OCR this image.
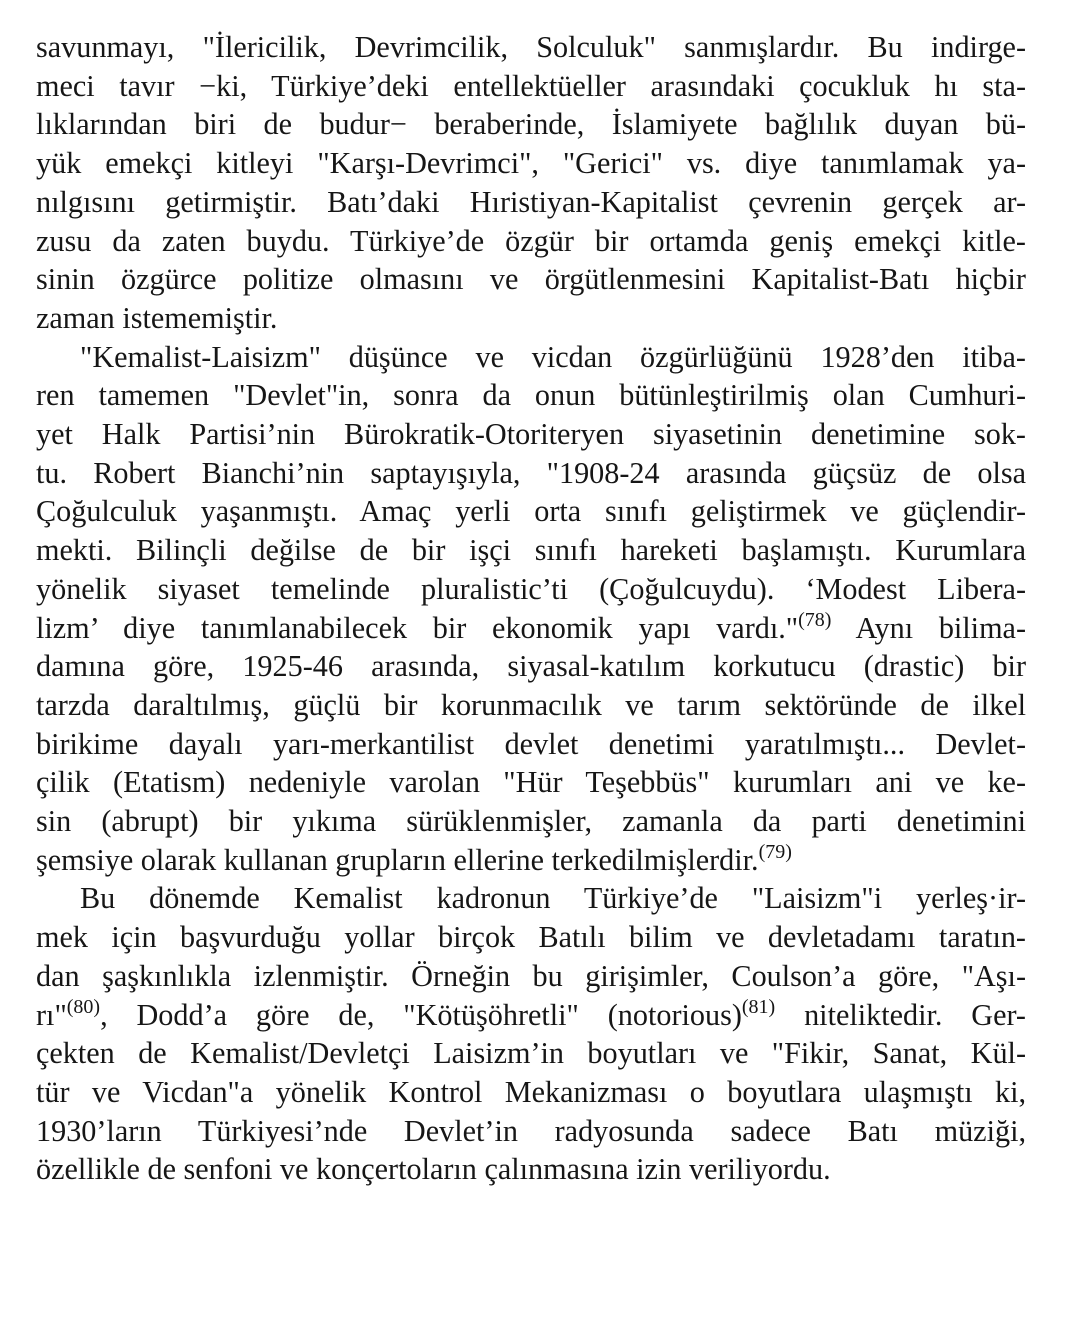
savunmayı, "İlericilik, Devrimcilik, Solculuk" sanmışlardır. Bu indirge-
meci tavır −ki, Türkiye’deki entellektüeller arasındaki çocukluk hı sta-
lıklarından biri de budur− beraberinde, İslamiyete bağlılık duyan bü-
yük emekçi kitleyi "Karşı-Devrimci", "Gerici" vs. diye tanımlamak ya-
nılgısını getirmiştir. Batı’daki Hıristiyan-Kapitalist çevrenin gerçek ar-
zusu da zaten buydu. Türkiye’de özgür bir ortamda geniş emekçi kitle-
sinin özgürce politize olmasını ve örgütlenmesini Kapitalist-Batı hiçbir
zaman istememiştir.
"Kemalist-Laisizm" düşünce ve vicdan özgürlüğünü 1928’den itiba-
ren tamemen "Devlet"in, sonra da onun bütünleştirilmiş olan Cumhuri-
yet Halk Partisi’nin Bürokratik-Otoriteryen siyasetinin denetimine sok-
tu. Robert Bianchi’nin saptayışıyla, "1908-24 arasında güçsüz de olsa
Çoğulculuk yaşanmıştı. Amaç yerli orta sınıfı geliştirmek ve güçlendir-
mekti. Bilinçli değilse de bir işçi sınıfı hareketi başlamıştı. Kurumlara
yönelik siyaset temelinde pluralistic’ti (Çoğulcuydu). ‘Modest Libera-
lizm’ diye tanımlanabilecek bir ekonomik yapı vardı."$^{(78)}$ Aynı bilima-
damına göre, 1925-46 arasında, siyasal-katılım korkutucu (drastic) bir
tarzda daraltılmış, güçlü bir korunmacılık ve tarım sektöründe de ilkel
birikime dayalı yarı-merkantilist devlet denetimi yaratılmıştı... Devlet-
çilik (Etatism) nedeniyle varolan "Hür Teşebbüs" kurumları ani ve ke-
sin (abrupt) bir yıkıma sürüklenmişler, zamanla da parti denetimini
şemsiye olarak kullanan grupların ellerine terkedilmişlerdir.$^{(79)}$
Bu dönemde Kemalist kadronun Türkiye’de "Laisizm"i yerleş·ir-
mek için başvurduğu yollar birçok Batılı bilim ve devletadamı taratın-
dan şaşkınlıkla izlenmiştir. Örneğin bu girişimler, Coulson’a göre, "Aşı-
rı"$^{(80)}$, Dodd’a göre de, "Kötüşöhretli" (notorious)$^{(81)}$ niteliktedir. Ger-
çekten de Kemalist/Devletçi Laisizm’in boyutları ve "Fikir, Sanat, Kül-
tür ve Vicdan"a yönelik Kontrol Mekanizması o boyutlara ulaşmıştı ki,
1930’ların Türkiyesi’nde Devlet’in radyosunda sadece Batı müziği,
özellikle de senfoni ve konçertoların çalınmasına izin veriliyordu.
